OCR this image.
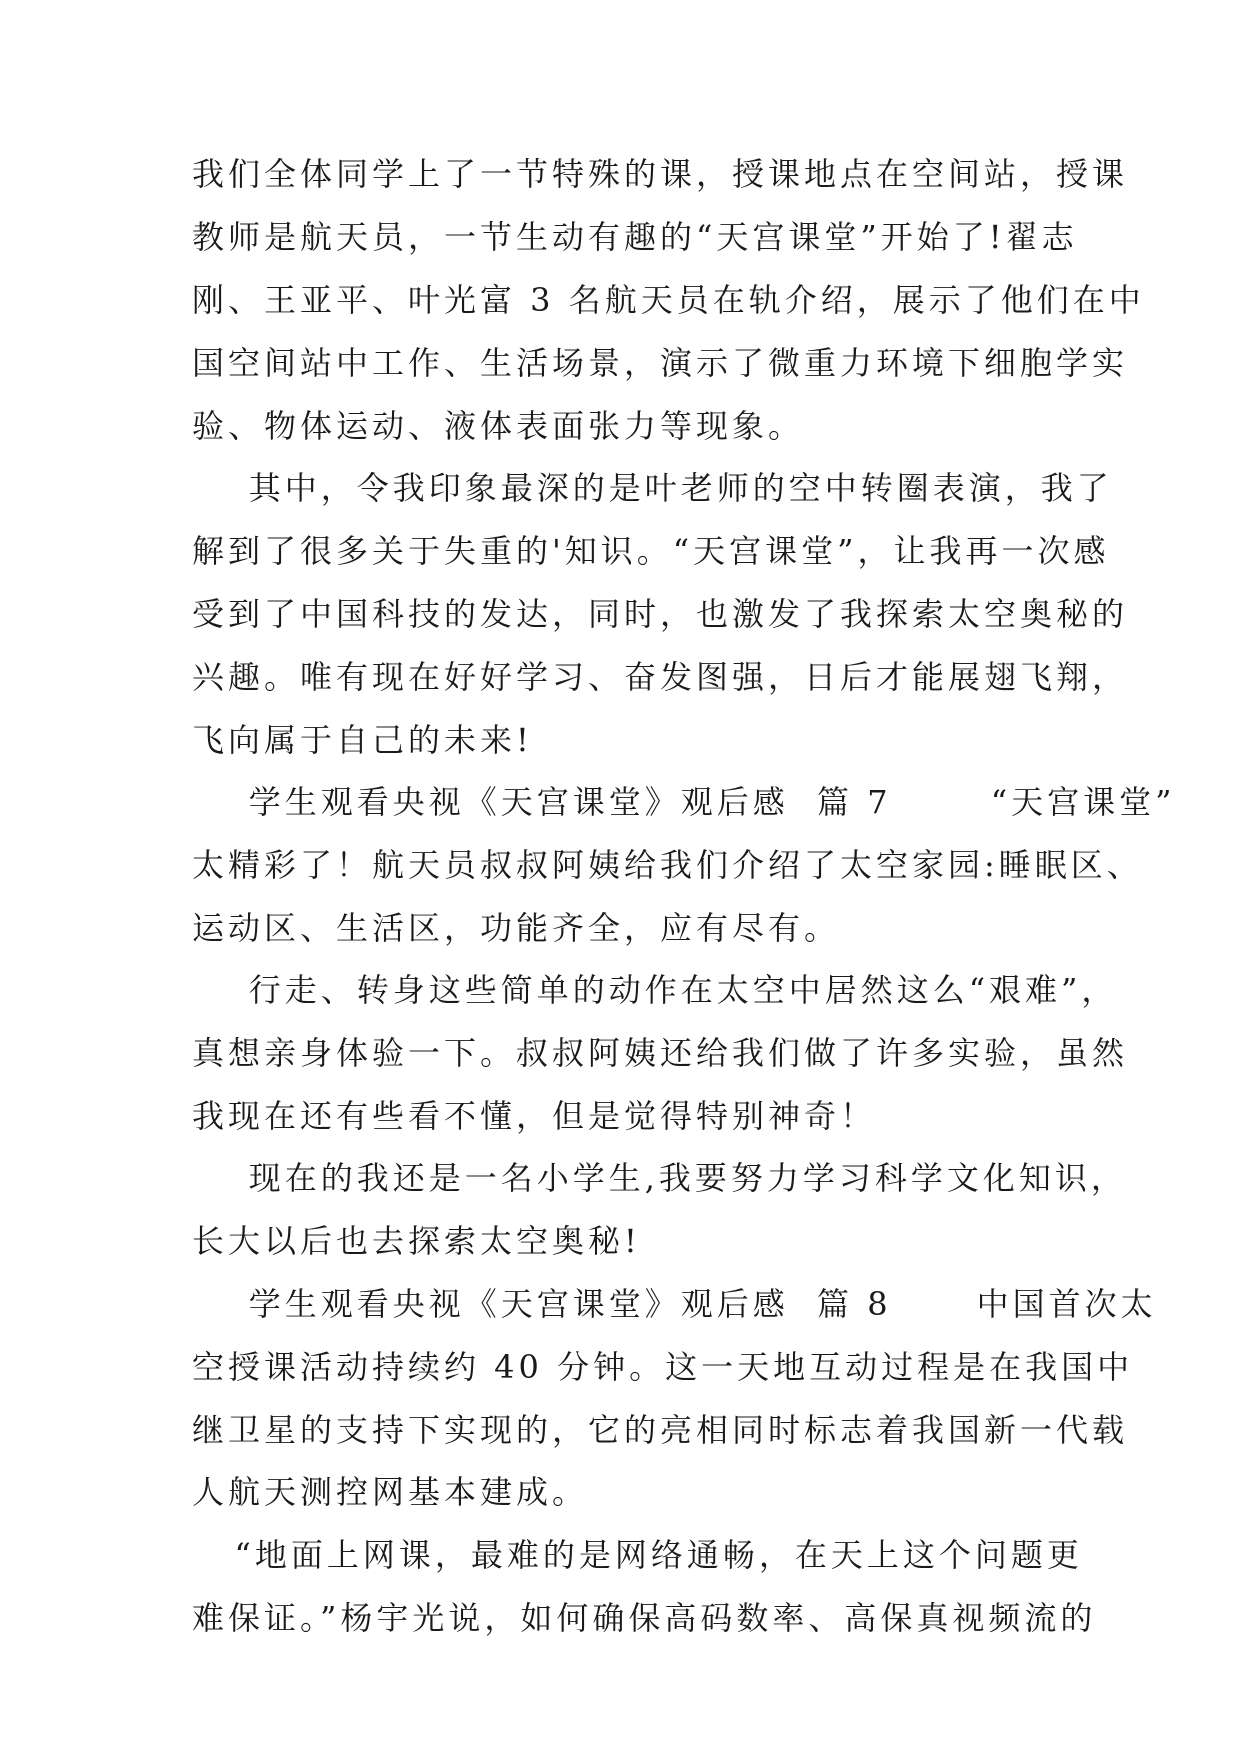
我们全体同学上了一节特殊的课，授课地点在空间站，授课
教师是航天员，一节生动有趣的“天宫课堂”开始了!翟志
刚、王亚平、叶光富 3 名航天员在轨介绍，展示了他们在中
国空间站中工作、生活场景，演示了微重力环境下细胞学实
验、物体运动、液体表面张力等现象。
其中，令我印象最深的是叶老师的空中转圈表演，我了
解到了很多关于失重的'知识。“天宫课堂”，让我再一次感
受到了中国科技的发达，同时，也激发了我探索太空奥秘的
兴趣。唯有现在好好学习、奋发图强，日后才能展翅飞翔，
飞向属于自己的未来!
学生观看央视《天宫课堂》观后感  篇 7       “天宫课堂”
太精彩了！航天员叔叔阿姨给我们介绍了太空家园:睡眠区、
运动区、生活区，功能齐全，应有尽有。
行走、转身这些简单的动作在太空中居然这么“艰难”，
真想亲身体验一下。叔叔阿姨还给我们做了许多实验，虽然
我现在还有些看不懂，但是觉得特别神奇！
现在的我还是一名小学生,我要努力学习科学文化知识，
长大以后也去探索太空奥秘!
学生观看央视《天宫课堂》观后感  篇 8      中国首次太
空授课活动持续约 40 分钟。这一天地互动过程是在我国中
继卫星的支持下实现的，它的亮相同时标志着我国新一代载
人航天测控网基本建成。
“地面上网课，最难的是网络通畅，在天上这个问题更
难保证。”杨宇光说，如何确保高码数率、高保真视频流的
